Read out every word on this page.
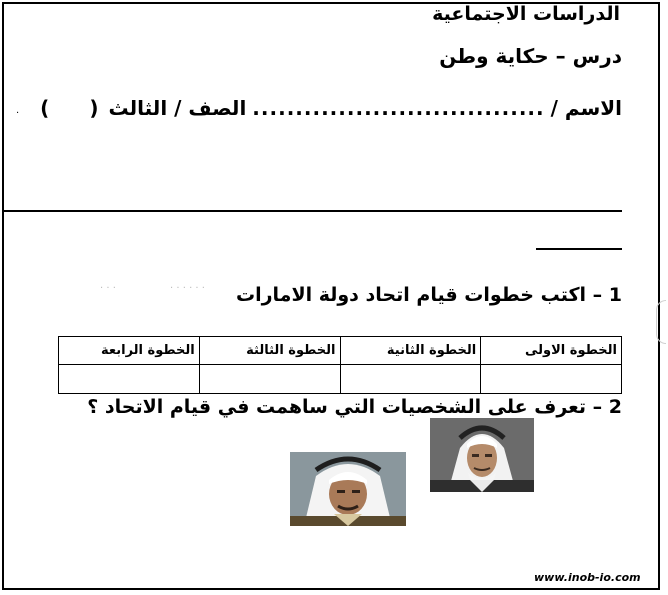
الدراسات الاجتماعية
درس – حكاية وطن
الاسم /
..................................
الصف / الثالث
( )
·
· · ·	· · · · · · 1 – اكتب خطوات قيام اتحاد دولة الامارات
الخطوة الاولى	الخطوة الثانية	الخطوة الثالثة	الخطوة الرابعة

2 – تعرف على الشخصيات التي ساهمت في قيام الاتحاد ؟
www.inob-io.com
